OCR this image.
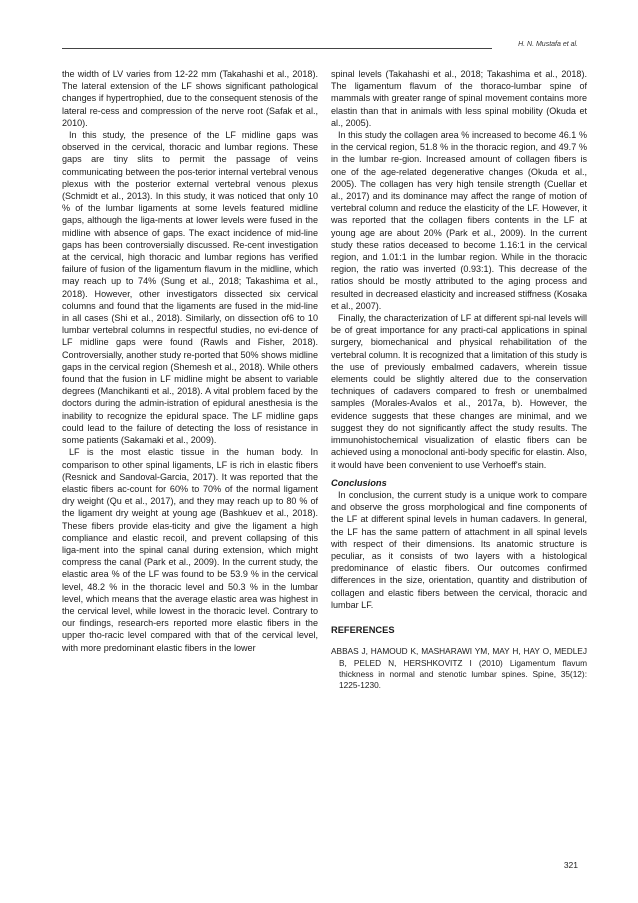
H. N. Mustafa et al.

the width of LV varies from 12-22 mm (Takahashi et al., 2018). The lateral extension of the LF shows significant pathological changes if hypertrophied, due to the consequent stenosis of the lateral re-cess and compression of the nerve root (Safak et al., 2010).

In this study, the presence of the LF midline gaps was observed in the cervical, thoracic and lumbar regions. These gaps are tiny slits to permit the passage of veins communicating between the pos-terior internal vertebral venous plexus with the posterior external vertebral venous plexus (Schmidt et al., 2013). In this study, it was noticed that only 10 % of the lumbar ligaments at some levels featured midline gaps, although the liga-ments at lower levels were fused in the midline with absence of gaps. The exact incidence of mid-line gaps has been controversially discussed. Re-cent investigation at the cervical, high thoracic and lumbar regions has verified failure of fusion of the ligamentum flavum in the midline, which may reach up to 74% (Sung et al., 2018; Takashima et al., 2018). However, other investigators dissected six cervical columns and found that the ligaments are fused in the mid-line in all cases (Shi et al., 2018). Similarly, on dissection of6 to 10 lumbar vertebral columns in respectful studies, no evi-dence of LF midline gaps were found (Rawls and Fisher, 2018). Controversially, another study re-ported that 50% shows midline gaps in the cervical region (Shemesh et al., 2018). While others found that the fusion in LF midline might be absent to variable degrees (Manchikanti et al., 2018). A vital problem faced by the doctors during the admin-istration of epidural anesthesia is the inability to recognize the epidural space. The LF midline gaps could lead to the failure of detecting the loss of resistance in some patients (Sakamaki et al., 2009).

LF is the most elastic tissue in the human body. In comparison to other spinal ligaments, LF is rich in elastic fibers (Resnick and Sandoval-Garcia, 2017). It was reported that the elastic fibers ac-count for 60% to 70% of the normal ligament dry weight (Qu et al., 2017), and they may reach up to 80 % of the ligament dry weight at young age (Bashkuev et al., 2018). These fibers provide elas-ticity and give the ligament a high compliance and elastic recoil, and prevent collapsing of this liga-ment into the spinal canal during extension, which might compress the canal (Park et al., 2009). In the current study, the elastic area % of the LF was found to be 53.9 % in the cervical level, 48.2 % in the thoracic level and 50.3 % in the lumbar level, which means that the average elastic area was highest in the cervical level, while lowest in the thoracic level. Contrary to our findings, research-ers reported more elastic fibers in the upper tho-racic level compared with that of the cervical level, with more predominant elastic fibers in the lower

spinal levels (Takahashi et al., 2018; Takashima et al., 2018). The ligamentum flavum of the thoraco-lumbar spine of mammals with greater range of spinal movement contains more elastin than that in animals with less spinal mobility (Okuda et al., 2005).

In this study the collagen area % increased to become 46.1 % in the cervical region, 51.8 % in the thoracic region, and 49.7 % in the lumbar re-gion. Increased amount of collagen fibers is one of the age-related degenerative changes (Okuda et al., 2005). The collagen has very high tensile strength (Cuellar et al., 2017) and its dominance may affect the range of motion of vertebral column and reduce the elasticity of the LF. However, it was reported that the collagen fibers contents in the LF at young age are about 20% (Park et al., 2009). In the current study these ratios deceased to become 1.16:1 in the cervical region, and 1.01:1 in the lumbar region. While in the thoracic region, the ratio was inverted (0.93:1). This decrease of the ratios should be mostly attributed to the aging process and resulted in decreased elasticity and increased stiffness (Kosaka et al., 2007).

Finally, the characterization of LF at different spi-nal levels will be of great importance for any practi-cal applications in spinal surgery, biomechanical and physical rehabilitation of the vertebral column. It is recognized that a limitation of this study is the use of previously embalmed cadavers, wherein tissue elements could be slightly altered due to the conservation techniques of cadavers compared to fresh or unembalmed samples (Morales-Avalos et al., 2017a, b). However, the evidence suggests that these changes are minimal, and we suggest they do not significantly affect the study results. The immunohistochemical visualization of elastic fibers can be achieved using a monoclonal anti-body specific for elastin. Also, it would have been convenient to use Verhoeff's stain.

Conclusions

In conclusion, the current study is a unique work to compare and observe the gross morphological and fine components of the LF at different spinal levels in human cadavers. In general, the LF has the same pattern of attachment in all spinal levels with respect of their dimensions. Its anatomic structure is peculiar, as it consists of two layers with a histological predominance of elastic fibers. Our outcomes confirmed differences in the size, orientation, quantity and distribution of collagen and elastic fibers between the cervical, thoracic and lumbar LF.

REFERENCES

ABBAS J, HAMOUD K, MASHARAWI YM, MAY H, HAY O, MEDLEJ B, PELED N, HERSHKOVITZ I (2010) Ligamentum flavum thickness in normal and stenotic lumbar spines. Spine, 35(12): 1225-1230.

321
